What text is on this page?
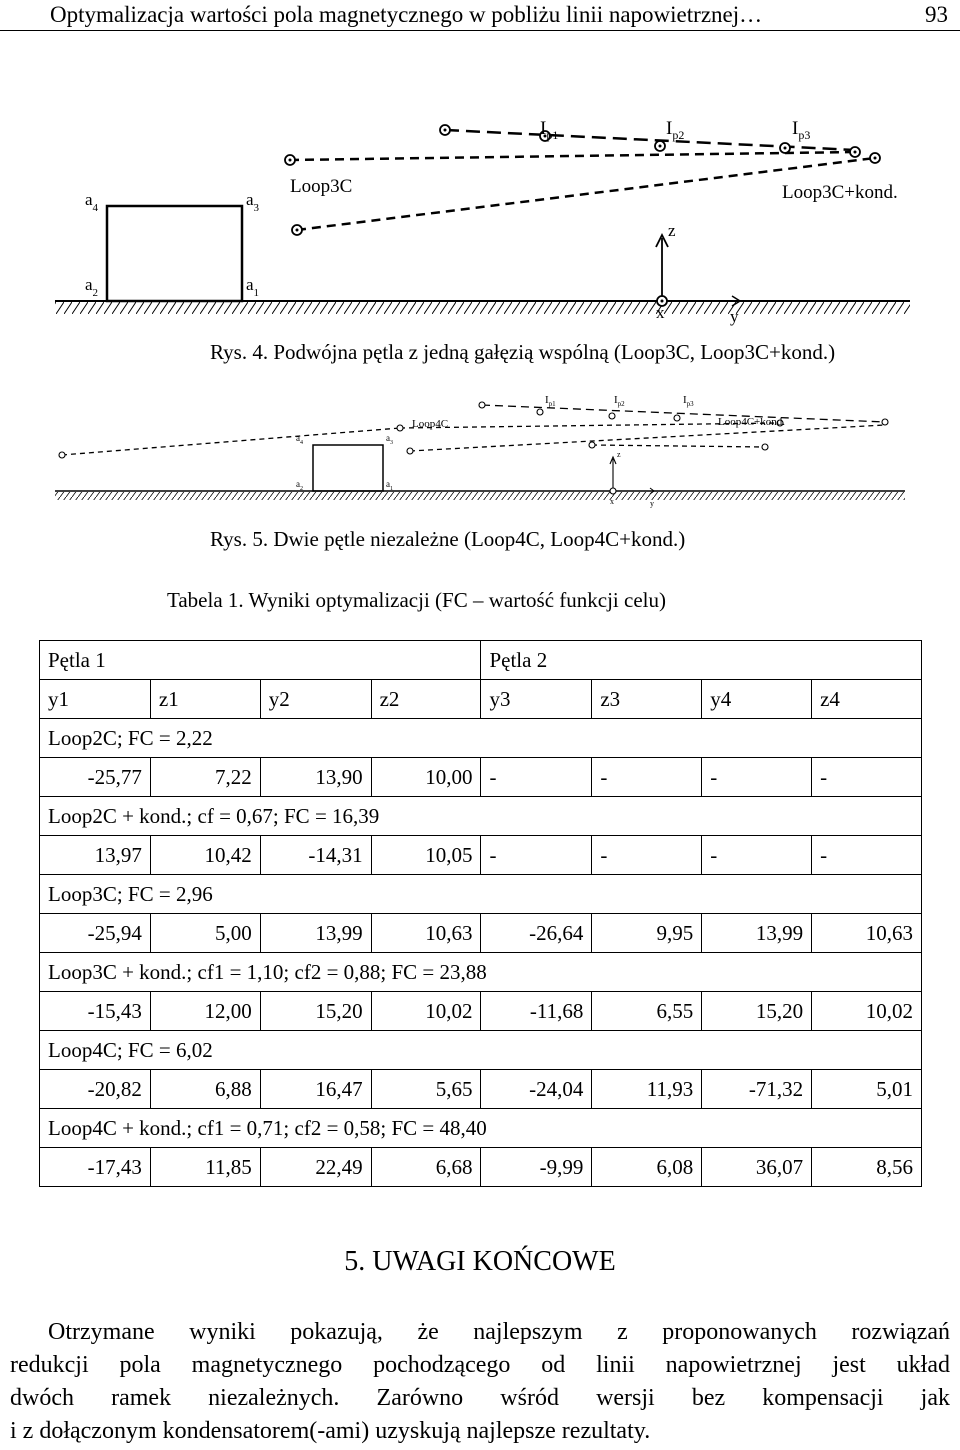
Optymalizacja wartości pola magnetycznego w pobliżu linii napowietrznej…	93
$a_4$	$a_3$
$a_2$	$a_1$
Loop3C	Loop3C+kond.
$I_{p1}$	$I_{p2}$	$I_{p3}$
z
x	y
Rys. 4. Podwójna pętla z jedną gałęzią wspólną (Loop3C, Loop3C+kond.)
$a_4$	$a_3$
$a_2$	$a_1$
Loop4C	Loop4C+kond.
$I_{p1}$	$I_{p2}$	$I_{p3}$
z
x	y
Rys. 5. Dwie pętle niezależne (Loop4C, Loop4C+kond.)
Tabela 1. Wyniki optymalizacji (FC – wartość funkcji celu)
Pętla 1				Pętla 2			
y1	z1	y2	z2	y3	z3	y4	z4
Loop2C; FC = 2,22							
-25,77	7,22	13,90	10,00	-	-	-	-
Loop2C + kond.; cf = 0,67; FC = 16,39							
13,97	10,42	-14,31	10,05	-	-	-	-
Loop3C; FC = 2,96							
-25,94	5,00	13,99	10,63	-26,64	9,95	13,99	10,63
Loop3C + kond.; cf1 = 1,10; cf2 = 0,88; FC = 23,88							
-15,43	12,00	15,20	10,02	-11,68	6,55	15,20	10,02
Loop4C; FC = 6,02							
-20,82	6,88	16,47	5,65	-24,04	11,93	-71,32	5,01
Loop4C + kond.; cf1 = 0,71; cf2 = 0,58; FC = 48,40							
-17,43	11,85	22,49	6,68	-9,99	6,08	36,07	8,56
5. UWAGI KOŃCOWE
Otrzymane wyniki pokazują, że najlepszym z proponowanych rozwiązań
redukcji pola magnetycznego pochodzącego od linii napowietrznej jest układ
dwóch ramek niezależnych. Zarówno wśród wersji bez kompensacji jak
i z dołączonym kondensatorem(-ami) uzyskują najlepsze rezultaty.
